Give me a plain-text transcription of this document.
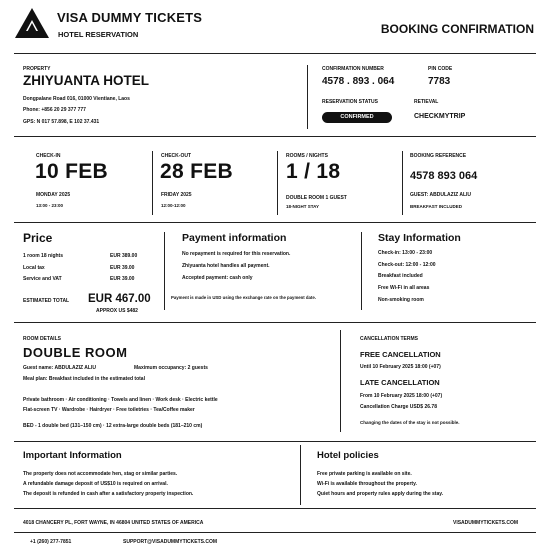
VISA DUMMY TICKETS
HOTEL RESERVATION	BOOKING CONFIRMATION
PROPERTY
ZHIYUANTA HOTEL
Dongpalane Road 016, 01000 Vientiane, Laos
Phone: +856 20 29 377 777
GPS: N 017 57.898, E 102 37.431
CONFIRMATION NUMBER
4578 . 893 . 064
PIN CODE
7783
RESERVATION STATUS
CONFIRMED
RETIEVAL
CHECKMYTRIP
CHECK-IN
10 FEB
MONDAY 2025
13:00 - 23:00
CHECK-OUT
28 FEB
FRIDAY 2025
12:00-12:00
ROOMS / NIGHTS
1 / 18
DOUBLE ROOM 1 GUEST
18-NIGHT STAY
BOOKING REFERENCE
4578 893 064
GUEST: ABDULAZIZ ALIU
BREAKFAST INCLUDED
Price
1 room 18 nights	EUR 389.00
Local tax	EUR 39.00
Service and VAT	EUR 39.00
ESTIMATED TOTAL EUR 467.00
APPROX US $482
Payment information
No repayment is required for this reservation.
Zhiyuanta hotel handles all payment.
Accepted payment: cash only
Payment is made in USD using the exchange rate on the payment date.
Stay Information
Check-in: 13:00 - 23:00
Check-out: 12:00 - 12:00
Breakfast included
Free Wi-Fi in all areas
Non-smoking room
ROOM DETAILS
DOUBLE ROOM
Guest name: ABDULAZIZ ALIU	Maximum occupancy: 2 guests
Meal plan: Breakfast included in the estimated total
Private bathroom · Air conditioning · Towels and linen · Work desk · Electric kettle
Flat-screen TV · Wardrobe · Hairdryer · Free toiletries · Tea/Coffee maker
BED - 1 double bed (131–150 cm) · 12 extra-large double beds (181–210 cm)
CANCELLATION TERMS
FREE CANCELLATION
Until 10 February 2025 18:00 (+07)
LATE CANCELLATION
From 10 February 2025 18:00 (+07)
Cancellation Charge USD$ 26.78
Changing the dates of the stay is not possible.
Important Information
The property does not accommodate hen, stag or similar parties.
A refundable damage deposit of US$10 is required on arrival.
The deposit is refunded in cash after a satisfactory property inspection.
Hotel policies
Free private parking is available on site.
Wi-Fi is available throughout the property.
Quiet hours and property rules apply during the stay.
4018 CHANCERY PL, FORT WAYNE, IN 46804 UNITED STATES OF AMERICA	VISADUMMYTICKETS.COM
+1 (260) 277-7851	SUPPORT@VISADUMMYTICKETS.COM
